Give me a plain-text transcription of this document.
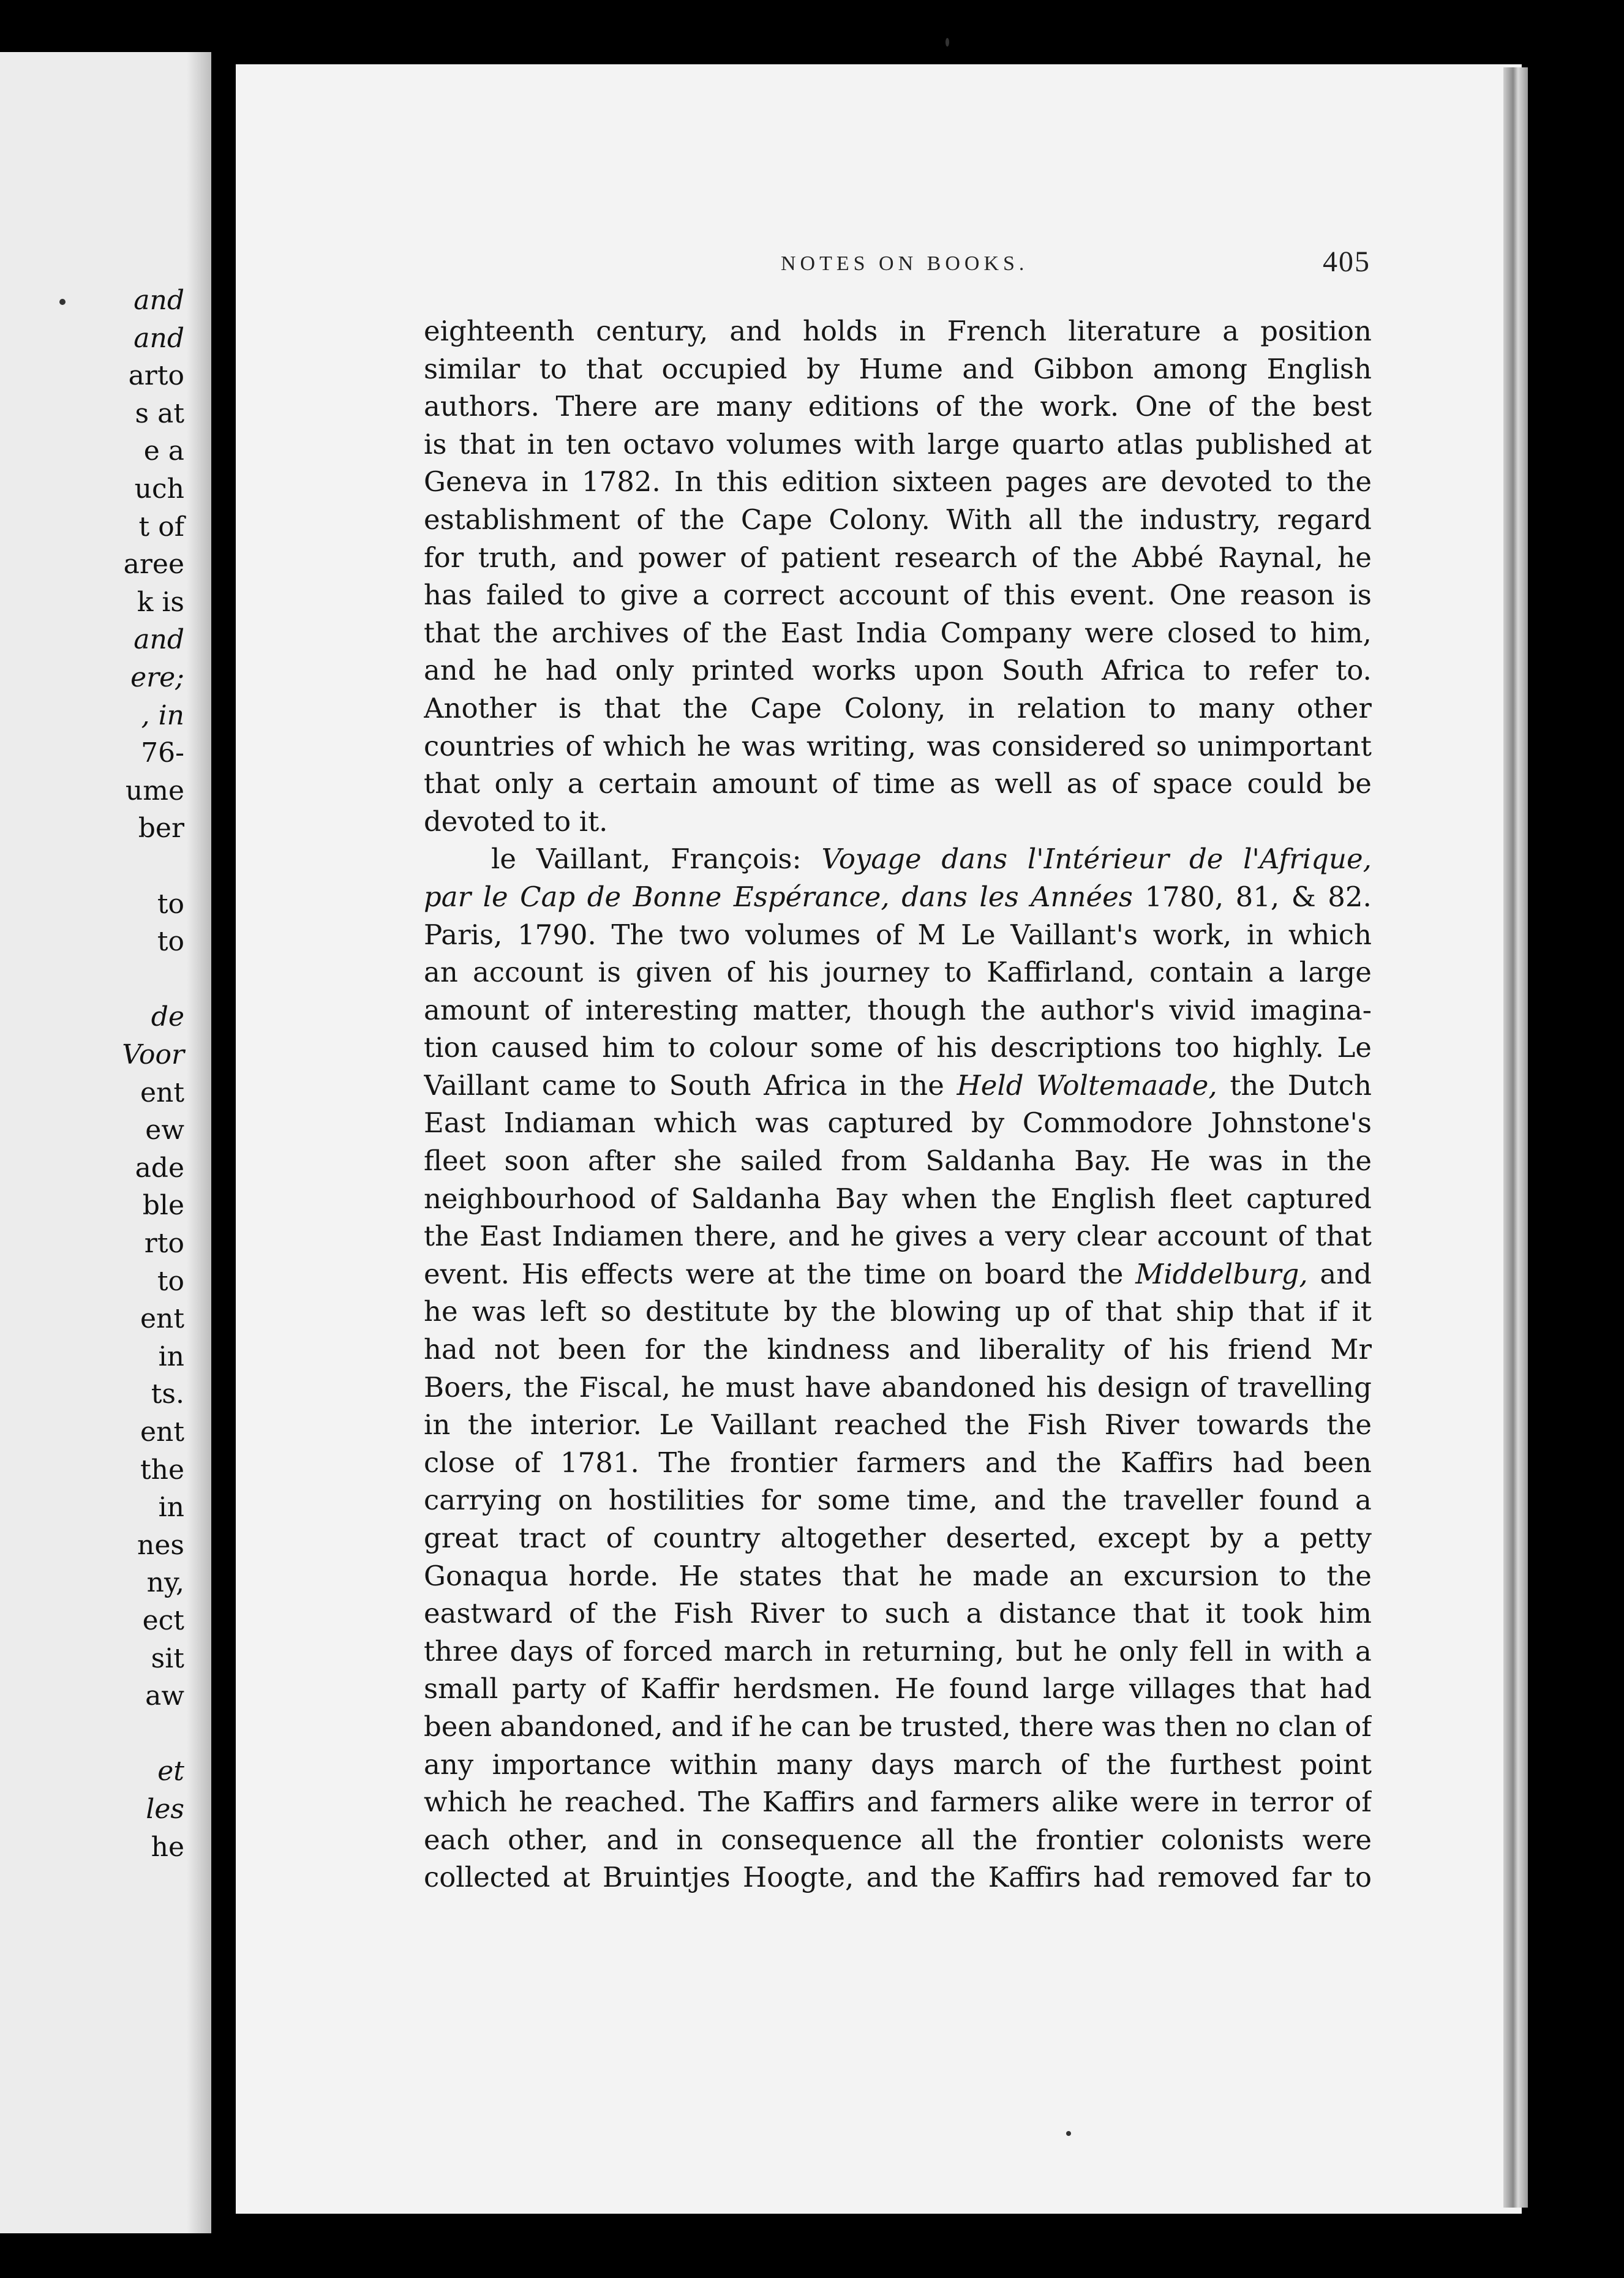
and
and
arto
s at
e a
uch
t of
aree
k is
and
ere;
, in
76-
ume
ber
to
to
de
Voor
ent
ew
ade
ble
rto
to
ent
in
ts.
ent
the
in
nes
ny,
ect
sit
aw
et
les
he
NOTES ON BOOKS.	405
eighteenth century, and holds in French literature a position
similar to that occupied by Hume and Gibbon among English
authors. There are many editions of the work. One of the best
is that in ten octavo volumes with large quarto atlas published at
Geneva in 1782. In this edition sixteen pages are devoted to the
establishment of the Cape Colony. With all the industry, regard
for truth, and power of patient research of the Abbé Raynal, he
has failed to give a correct account of this event. One reason is
that the archives of the East India Company were closed to him,
and he had only printed works upon South Africa to refer to.
Another is that the Cape Colony, in relation to many other
countries of which he was writing, was considered so unimportant
that only a certain amount of time as well as of space could be
devoted to it.
le Vaillant, François: Voyage dans l'Intérieur de l'Afrique,
par le Cap de Bonne Espérance, dans les Années 1780, 81, & 82.
Paris, 1790. The two volumes of M Le Vaillant's work, in which
an account is given of his journey to Kaffirland, contain a large
amount of interesting matter, though the author's vivid imagina-
tion caused him to colour some of his descriptions too highly. Le
Vaillant came to South Africa in the Held Woltemaade, the Dutch
East Indiaman which was captured by Commodore Johnstone's
fleet soon after she sailed from Saldanha Bay. He was in the
neighbourhood of Saldanha Bay when the English fleet captured
the East Indiamen there, and he gives a very clear account of that
event. His effects were at the time on board the Middelburg, and
he was left so destitute by the blowing up of that ship that if it
had not been for the kindness and liberality of his friend Mr
Boers, the Fiscal, he must have abandoned his design of travelling
in the interior. Le Vaillant reached the Fish River towards the
close of 1781. The frontier farmers and the Kaffirs had been
carrying on hostilities for some time, and the traveller found a
great tract of country altogether deserted, except by a petty
Gonaqua horde. He states that he made an excursion to the
eastward of the Fish River to such a distance that it took him
three days of forced march in returning, but he only fell in with a
small party of Kaffir herdsmen. He found large villages that had
been abandoned, and if he can be trusted, there was then no clan of
any importance within many days march of the furthest point
which he reached. The Kaffirs and farmers alike were in terror of
each other, and in consequence all the frontier colonists were
collected at Bruintjes Hoogte, and the Kaffirs had removed far to
